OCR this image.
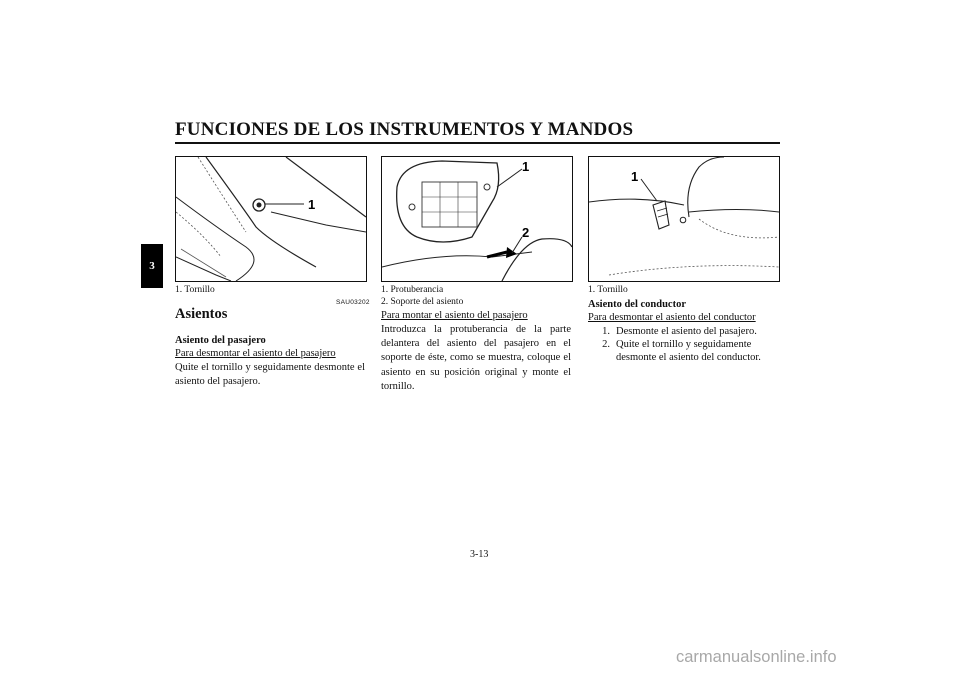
FUNCIONES DE LOS INSTRUMENTOS Y MANDOS
3
1
1
2
1
1. Tornillo
SAU03202
Asientos
Asiento del pasajero
Para desmontar el asiento del pasajero
Quite el tornillo y seguidamente desmonte el asiento del pasajero.
1. Protuberancia
2. Soporte del asiento
Para montar el asiento del pasajero
Introduzca la protuberancia de la parte delantera del asiento del pasajero en el soporte de éste, como se muestra, coloque el asiento en su posición original y monte el tornillo.
1. Tornillo
Asiento del conductor
Para desmontar el asiento del conductor
1. Desmonte el asiento del pasajero.
2. Quite el tornillo y seguidamente desmonte el asiento del conductor.
3-13
carmanualsonline.info
